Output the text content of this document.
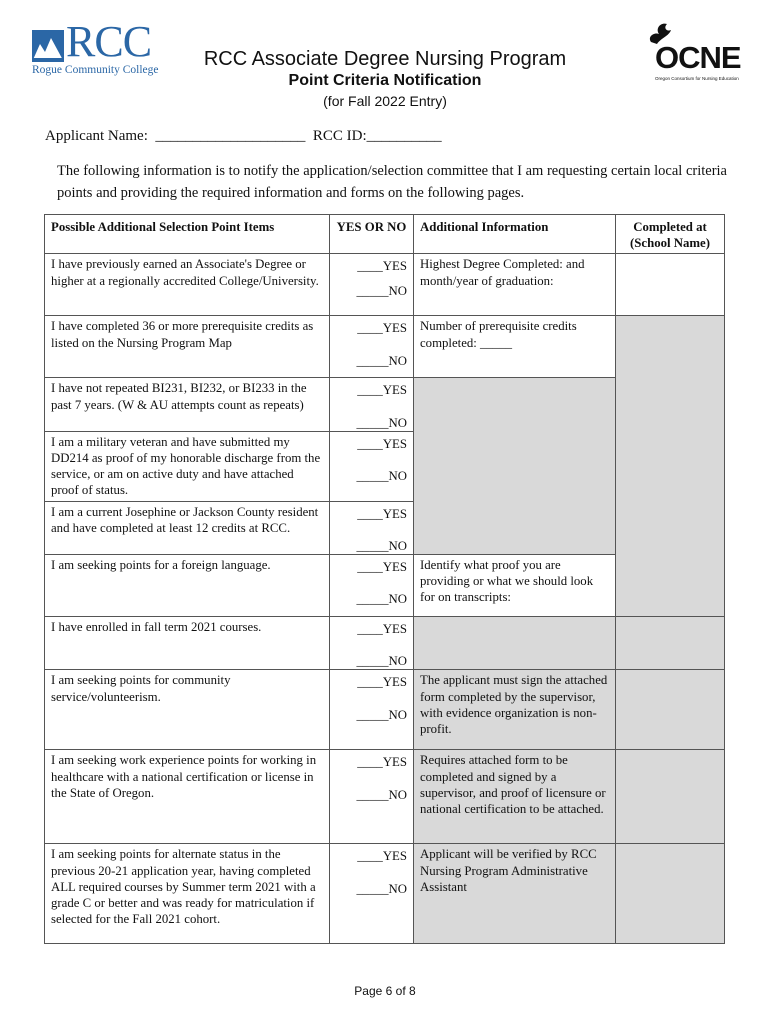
RCC
Rogue Community College	OCNE
Oregon Consortium for Nursing Education
RCC Associate Degree Nursing Program
Point Criteria Notification
(for Fall 2022 Entry)
Applicant Name:  ____________________  RCC ID:__________
The following information is to notify the application/selection committee that I am requesting certain local criteria points and providing the required information and forms on the following pages.
Possible Additional Selection Point Items	YES OR NO	Additional Information	Completed at (School Name)
I have previously earned an Associate's Degree or higher at a regionally accredited College/University.	____YES
_____NO	Highest Degree Completed: and month/year of graduation:	
I have completed 36 or more prerequisite credits as listed on the Nursing Program Map	____YES
_____NO	Number of prerequisite credits completed: _____	
I have not repeated BI231, BI232, or BI233 in the past 7 years. (W & AU attempts count as repeats)	____YES
_____NO		

I am a military veteran and have submitted my DD214 as proof of my honorable discharge from the service, or am on active duty and have attached proof of status.	____YES
_____NO		

I am a current Josephine or Jackson County resident and have completed at least 12 credits at RCC.	____YES
_____NO		

I am seeking points for a foreign language.	____YES
_____NO	Identify what proof you are providing or what we should look for on transcripts:	
I have enrolled in fall term 2021 courses.	____YES
_____NO		

I am seeking points for community service/volunteerism.	____YES
_____NO	The applicant must sign the attached form completed by the supervisor, with evidence organization is non-profit.	
I am seeking work experience points for working in healthcare with a national certification or license in the State of Oregon.	____YES
_____NO	Requires attached form to be completed and signed by a supervisor, and proof of licensure or national certification to be attached.	
I am seeking points for alternate status in the previous 20-21 application year, having completed ALL required courses by Summer term 2021 with a grade C or better and was ready for matriculation if selected for the Fall 2021 cohort.	____YES
_____NO	Applicant will be verified by RCC Nursing Program Administrative Assistant	
Page 6 of 8
